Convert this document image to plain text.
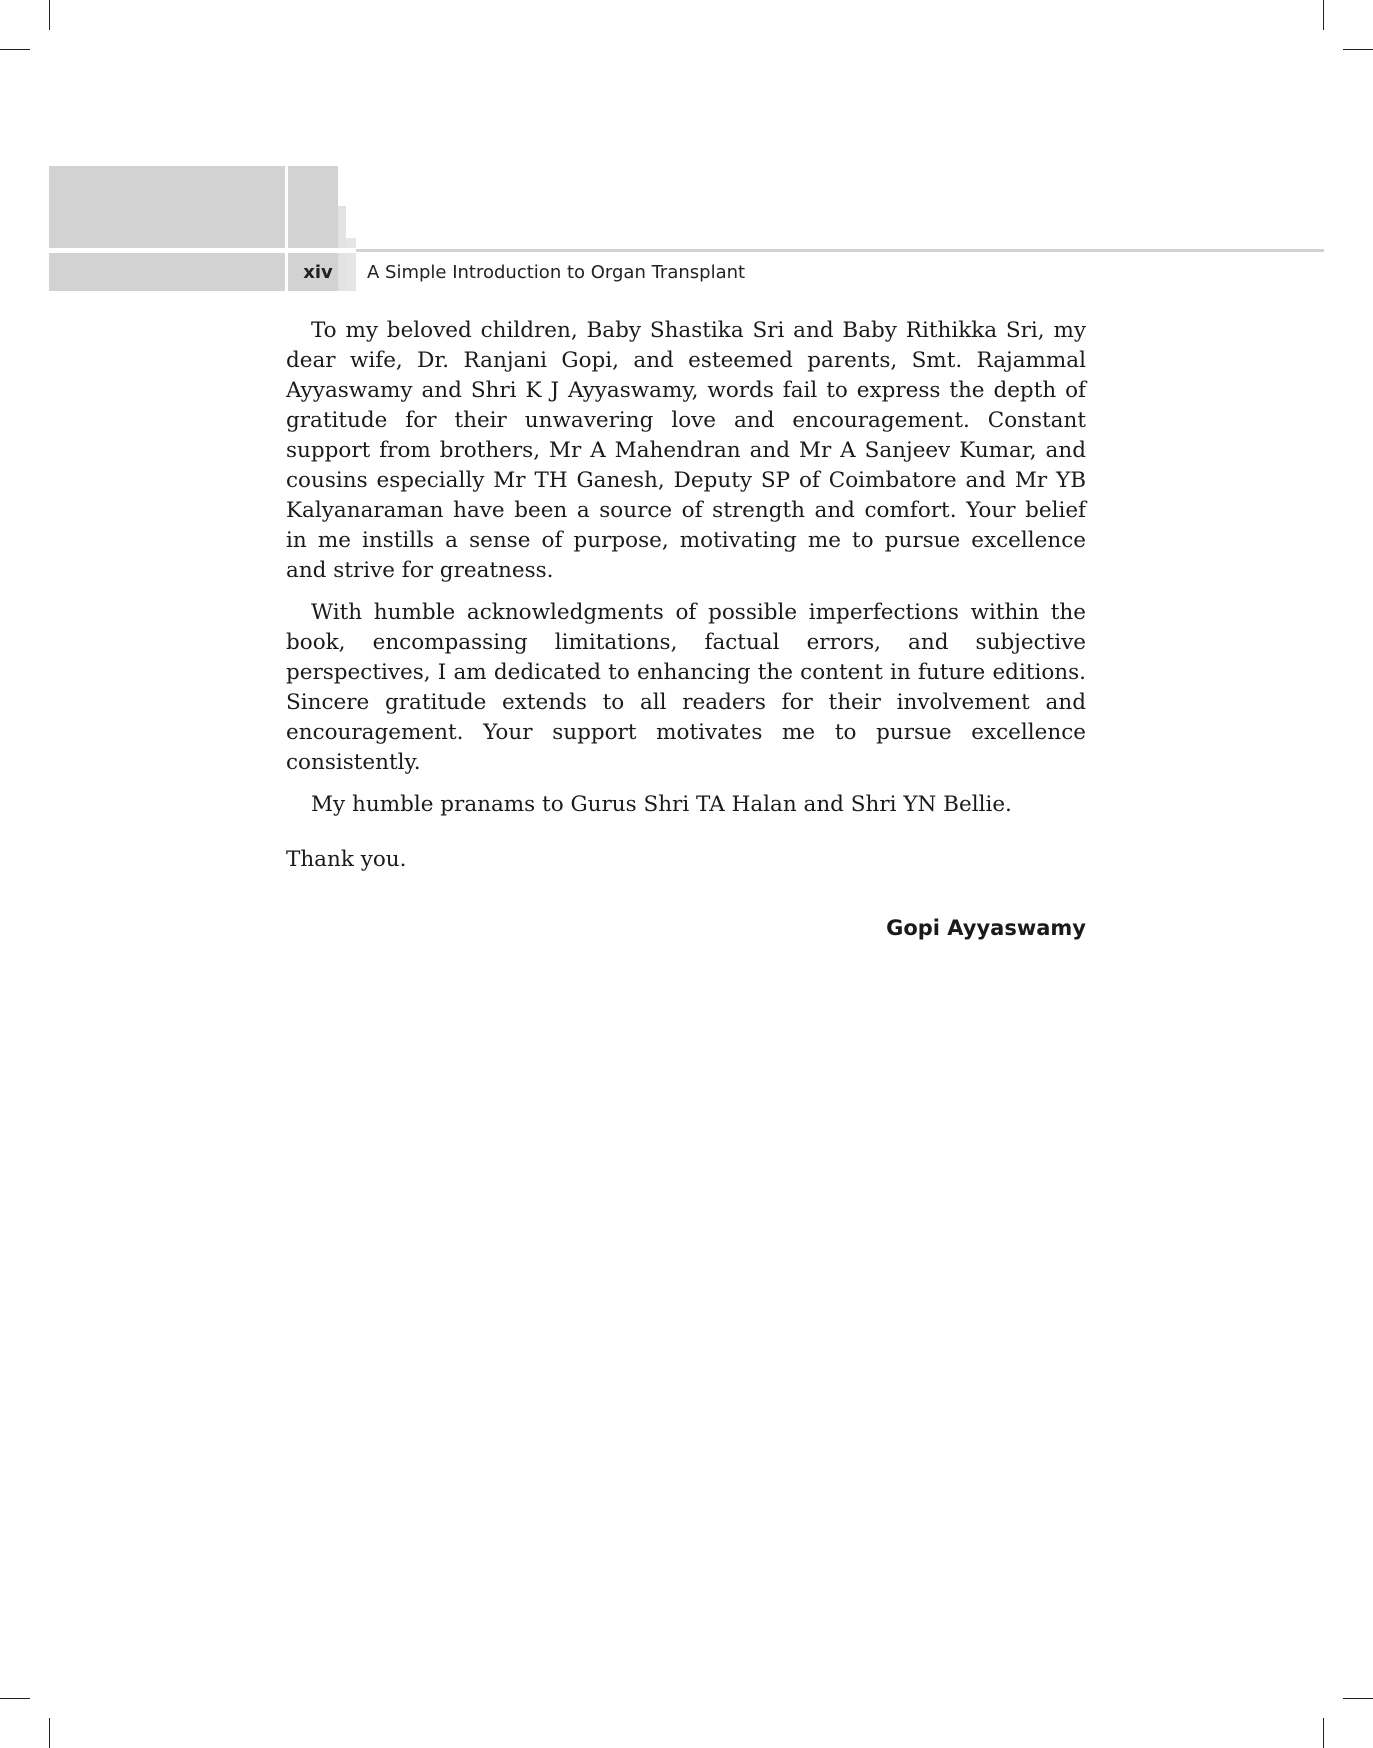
xiv	A Simple Introduction to Organ Transplant

To my beloved children, Baby Shastika Sri and Baby Rithikka Sri, my dear wife, Dr. Ranjani Gopi, and esteemed parents, Smt. Rajammal Ayyaswamy and Shri K J Ayyaswamy, words fail to express the depth of gratitude for their unwavering love and encouragement. Constant support from brothers, Mr A Mahendran and Mr A Sanjeev Kumar, and cousins especially Mr TH Ganesh, Deputy SP of Coimbatore and Mr YB Kalyanaraman have been a source of strength and comfort. Your belief in me instills a sense of purpose, motivating me to pursue excellence and strive for greatness.

With humble acknowledgments of possible imperfections within the book, encompassing limitations, factual errors, and subjective perspectives, I am dedicated to enhancing the content in future editions. Sincere gratitude extends to all readers for their involvement and encouragement. Your support motivates me to pursue excellence consistently.

My humble pranams to Gurus Shri TA Halan and Shri YN Bellie.

Thank you.
Gopi Ayyaswamy
